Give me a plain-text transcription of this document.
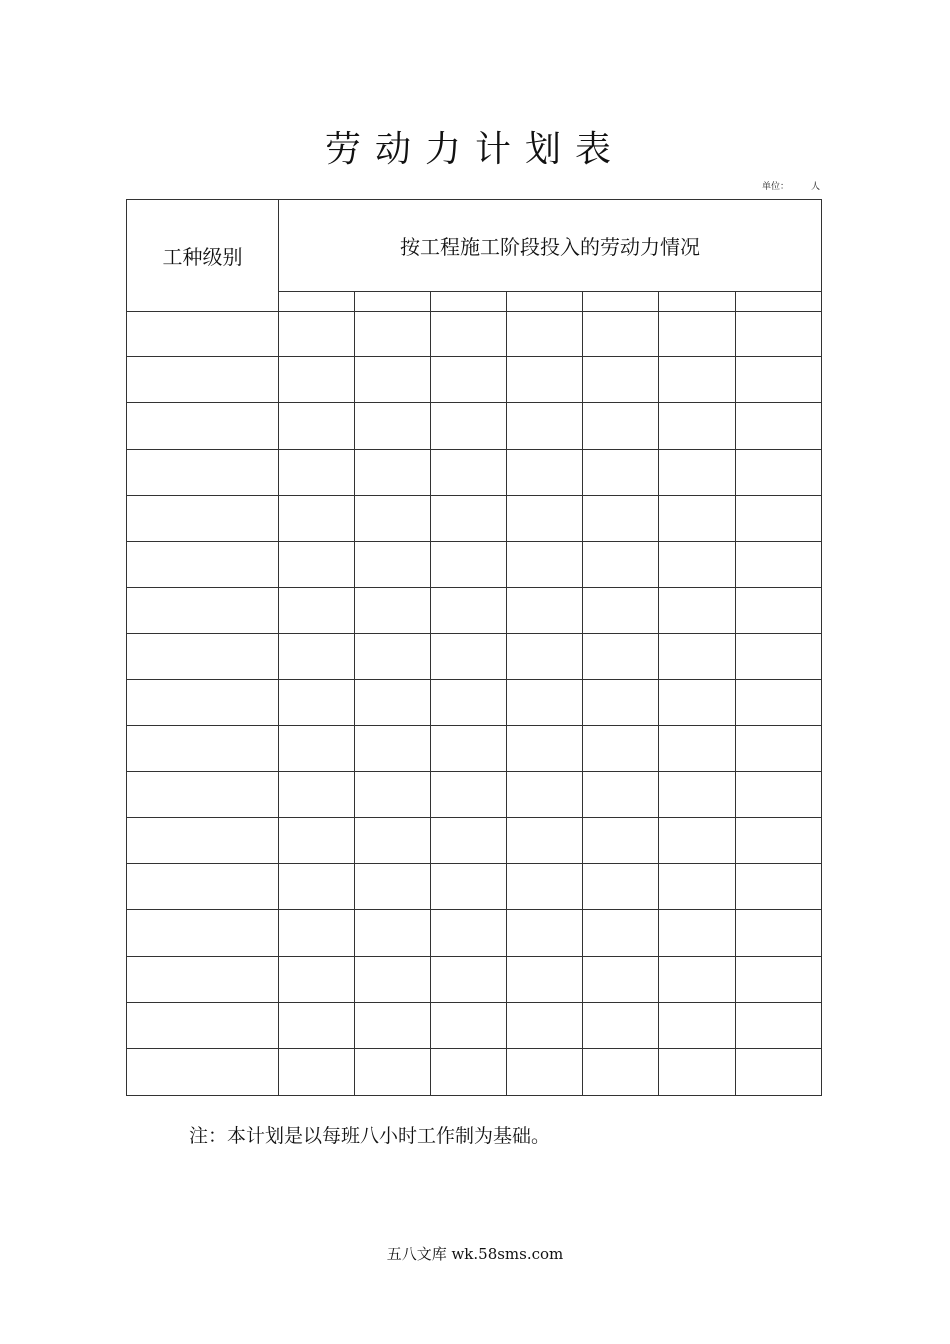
劳动力计划表
单位： 人
工种级别	按工程施工阶段投入的劳动力情况						

注：本计划是以每班八小时工作制为基础。
五八文库 wk.58sms.com
